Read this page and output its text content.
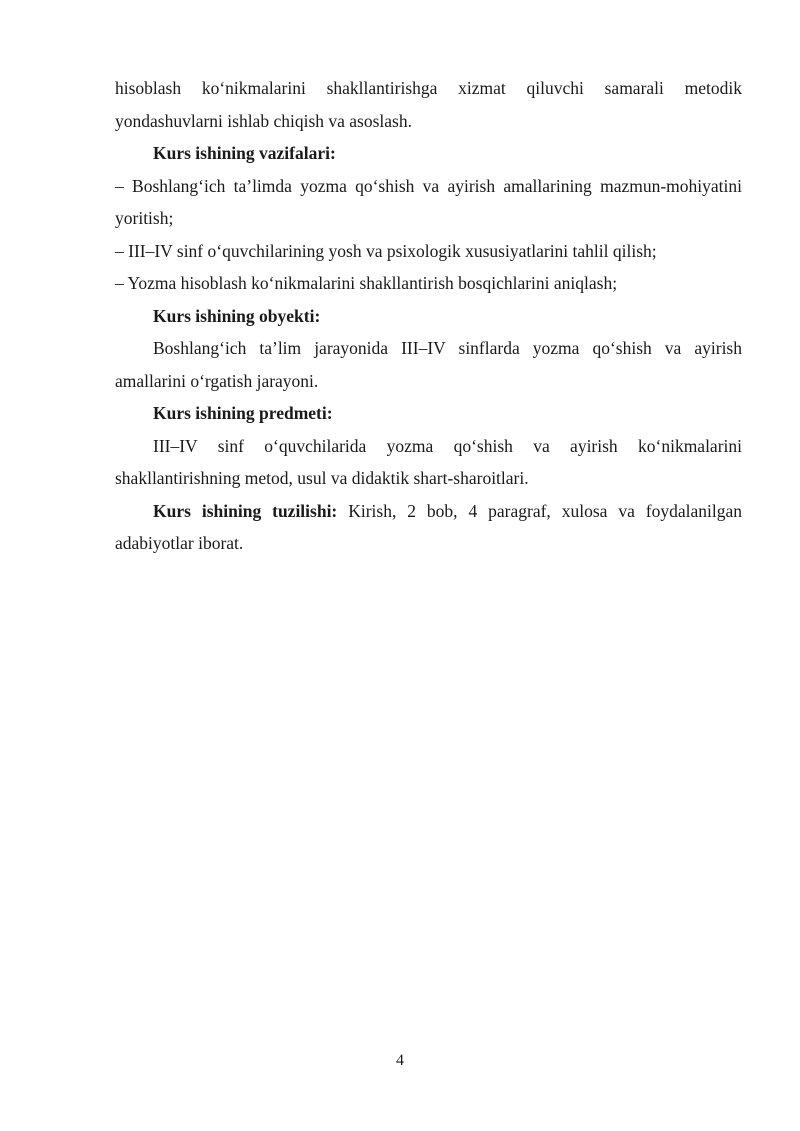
hisoblash ko‘nikmalarini shakllantirishga xizmat qiluvchi samarali metodik yondashuvlarni ishlab chiqish va asoslash.

Kurs ishining vazifalari:

– Boshlang‘ich ta’limda yozma qo‘shish va ayirish amallarining mazmun-mohiyatini yoritish;

– III–IV sinf o‘quvchilarining yosh va psixologik xususiyatlarini tahlil qilish;

– Yozma hisoblash ko‘nikmalarini shakllantirish bosqichlarini aniqlash;

Kurs ishining obyekti:

Boshlang‘ich ta’lim jarayonida III–IV sinflarda yozma qo‘shish va ayirish amallarini o‘rgatish jarayoni.

Kurs ishining predmeti:

III–IV sinf o‘quvchilarida yozma qo‘shish va ayirish ko‘nikmalarini shakllantirishning metod, usul va didaktik shart-sharoitlari.

Kurs ishining tuzilishi: Kirish, 2 bob, 4 paragraf, xulosa va foydalanilgan adabiyotlar iborat.

4
